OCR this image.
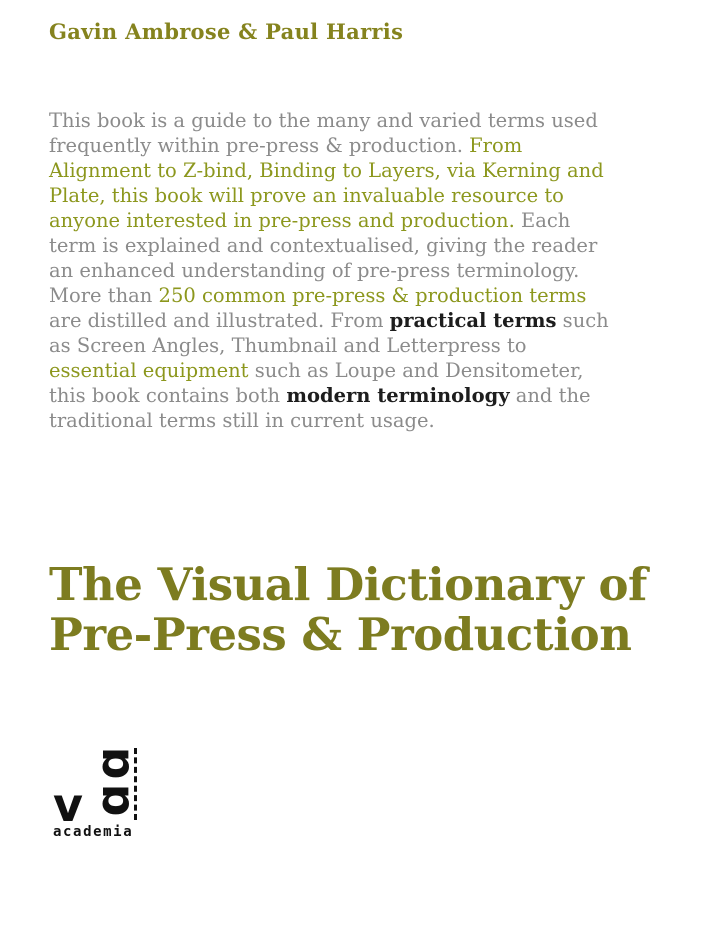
Gavin Ambrose & Paul Harris

This book is a guide to the many and varied terms used frequently within pre-press & production. From Alignment to Z-bind, Binding to Layers, via Kerning and Plate, this book will prove an invaluable resource to anyone interested in pre-press and production. Each term is explained and contextualised, giving the reader an enhanced understanding of pre-press terminology. More than 250 common pre-press & production terms are distilled and illustrated. From practical terms such as Screen Angles, Thumbnail and Letterpress to essential equipment such as Loupe and Densitometer, this book contains both modern terminology and the traditional terms still in current usage.

The Visual Dictionary of
Pre-Press & Production
ɑ
v ɑ
academia
